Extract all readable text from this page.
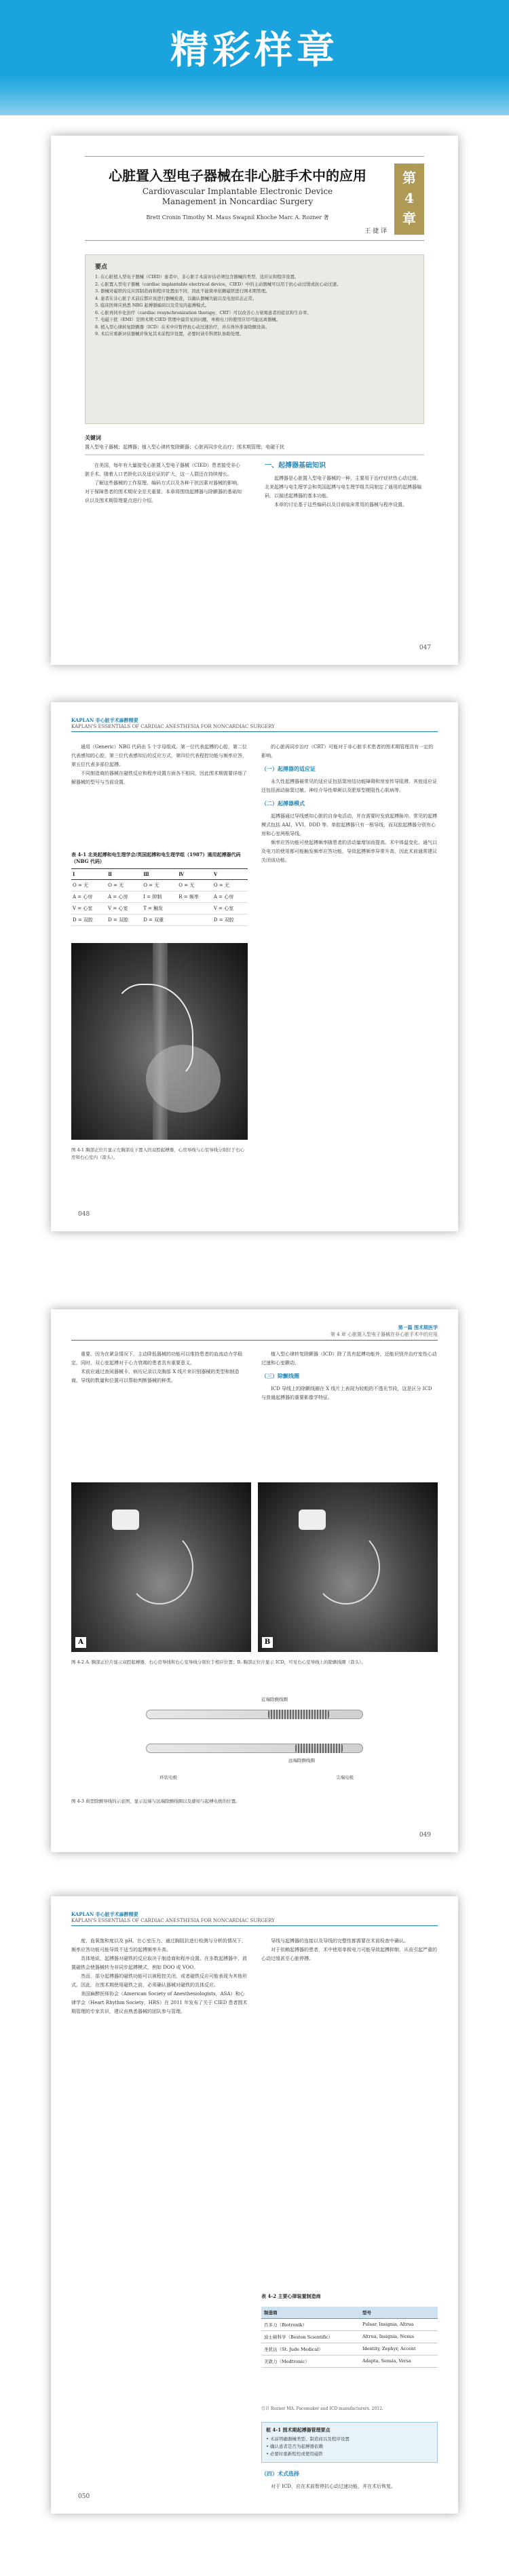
精彩样章
心脏置入型电子器械在非心脏手术中的应用
Cardiovascular Implantable Electronic Device
Management in Noncardiac Surgery
Brett Cronin Timothy M. Maus Swapnil Khoche Marc A. Rozner 著
王 捷 译
第
4
章
要点
1. 在心脏植入型电子器械（CIED）患者中，非心脏手术前评估必须包含器械的类型、适应证和程序设置。
2. 心脏置入型电子器械（cardiac implantable electrical device，CIED）中的主动器械可以用于抗心动过缓或抗心动过速。
3. 器械对磁铁的反应因制造商和程序设置而不同，因此不能简单依赖磁铁进行围术期管理。
4. 患者在非心脏手术前后都应该进行器械检查，以确认器械功能以及电池状态正常。
5. 临床医师应熟悉 NBG 起搏器编码以及常见的起搏模式。
6. 心脏再同步化治疗（cardiac resynchronization therapy，CRT）可以改善心力衰竭患者的症状和生存率。
7. 电磁干扰（EMI）是围术期 CIED 管理中最常见的问题，单极电刀的使用应尽可能远离器械。
8. 植入型心律转复除颤器（ICD）在术中应暂停抗心动过速治疗，并在体外准备除颤设备。
9. 术后应重新评估器械并恢复其术前程序设置，必要时请专科团队协助处理。
关键词
置入型电子器械；起搏器；植入型心律转复除颤器；心脏再同步化治疗；围术期管理；电磁干扰

在美国，每年有大量接受心脏置入型电子器械（CIED）患者接受非心脏手术。随着人口老龄化以及适应证的扩大，这一人群还在持续增长。

了解这些器械的工作原理、编码方式以及各种干扰因素对器械的影响，对于保障患者的围术期安全至关重要。本章将围绕起搏器与除颤器的基础知识以及围术期管理要点进行介绍。

一、起搏器基础知识

起搏器是心脏置入型电子器械的一种，主要用于治疗症状性心动过缓。北美起搏与电生理学会和英国起搏与电生理学组共同制定了通用的起搏器编码，以描述起搏器的基本功能。

本章的讨论基于这些编码以及目前临床常用的器械与程序设置。

047
KAPLAN 非心脏手术麻醉精要
KAPLAN'S ESSENTIALS OF CARDIAC ANESTHESIA FOR NONCARDIAC SURGERY

通用（Generic）NBG 代码由 5 个字母组成。第一位代表起搏的心腔，第二位代表感知的心腔，第三位代表感知后的反应方式，第四位代表程控功能与频率应答，第五位代表多部位起搏。

不同制造商的器械在磁铁反应和程序设置方面各不相同，因此围术期需要详细了解器械的型号与当前设置。

表 4-1 北美起搏和电生理学会/英国起搏和电生理学组（1987）通用起搏器代码（NBG 代码）
Ⅰ	Ⅱ	Ⅲ	Ⅳ	Ⅴ
O = 无	O = 无	O = 无	O = 无	O = 无
A = 心房	A = 心房	I = 抑制	R = 频率	A = 心房
V = 心室	V = 心室	T = 触发		V = 心室
D = 双腔	D = 双腔	D = 双重		D = 双腔
图 4-1 胸部正位片显示左胸部皮下置入的双腔起搏器，心房导线与心室导线分别位于右心房和右心室内（箭头）。

的心脏再同步治疗（CRT）可能对于非心脏手术患者的围术期管理具有一定的影响。

（一）起搏器的适应证

永久性起搏器最常见的适应证包括窦房结功能障碍和房室传导阻滞。其他适应证还包括颈动脉窦过敏、神经介导性晕厥以及肥厚型梗阻性心肌病等。

（二）起搏器模式

起搏器通过导线感知心脏的自身电活动，并在需要时发放起搏脉冲。常见的起搏模式包括 AAI、VVI、DDD 等。单腔起搏器只有一根导线，而双腔起搏器分别有心房和心室两根导线。

频率应答功能可使起搏频率随患者的活动量增加而提高。术中体温变化、通气以及电刀的使用都可能触发频率应答功能，导致起搏频率异常升高，因此术前通常建议关闭该功能。

048
第一篇 围术期医学
第 4 章 心脏置入型电子器械在非心脏手术中的应用

重要。因为在紧急情况下，主动降低器械的功能可以维持患者的血流动力学稳定。同时，双心室起搏对于心力衰竭的患者具有重要意义。

术前应通过查阅器械卡、病历记录以及胸部 X 线片来识别器械的类型和制造商。导线的数量和位置可以帮助判断器械的种类。

植入型心律转复除颤器（ICD）除了具有起搏功能外，还能识别并治疗室性心动过速和心室颤动。

（三）除颤线圈

ICD 导线上的除颤线圈在 X 线片上表现为较粗的不透光节段，这是区分 ICD 与普通起搏器的重要影像学特征。

A	B
图 4-2 A. 胸部正位片显示双腔起搏器，右心房导线和右心室导线分别位于相应位置；B. 胸部正位片显示 ICD，可见右心室导线上的除颤线圈（箭头）。
近端除颤线圈
远端除颤线圈
环状电极	尖端电极
图 4-3 典型除颤导线的示意图，显示近端与远端除颤线圈以及感知与起搏电极的位置。
049
KAPLAN 非心脏手术麻醉精要
KAPLAN'S ESSENTIALS OF CARDIAC ANESTHESIA FOR NONCARDIAC SURGERY

度、血氧饱和度以及 pH。在心室压力、通过胸阻抗进行检测与分析的情况下，频率应答功能可能导致不适当的起搏频率升高。

具体地说，起搏器对磁铁的反应取决于制造商和程序设置。在多数起搏器中，放置磁铁会使器械转为非同步起搏模式，例如 DOO 或 VOO。

然而，部分起搏器的磁铁功能可以被程控关闭，或者磁铁反应可能表现为其他形式。因此，在围术期使用磁铁之前，必须确认器械对磁铁的具体反应。

美国麻醉医师协会（American Society of Anesthesiologists，ASA）和心律学会（Heart Rhythm Society，HRS）在 2011 年发布了关于 CIED 患者围术期管理的专家共识，建议由熟悉器械的团队参与管理。

导线与起搏器的连接以及导线的完整性都需要在术前检查中确认。

对于依赖起搏器的患者，术中使用单极电刀可能导致起搏抑制，从而引起严重的心动过缓甚至心脏停搏。

表 4-2 主要心律装置制造商
制造商	型号
百多力（Biotronik）	Pulsar, Insignia, Altrua
波士顿科学（Boston Scientific）	Altrua, Insignia, Nexus
圣犹达（St. Jude Medical）	Identity, Zephyr, Accent
美敦力（Medtronic）	Adapta, Sensia, Versa
引自 Rozner MA. Pacemaker and ICD manufacturers. 2012.
框 4-1 围术期起搏器管理要点
• 术前明确器械类型、制造商以及程序设置
• 确认患者是否为起搏器依赖
• 必要时重新程控或使用磁铁

（四）术式选择

对于 ICD，应在术前暂停抗心动过速功能，并在术后恢复。

050
